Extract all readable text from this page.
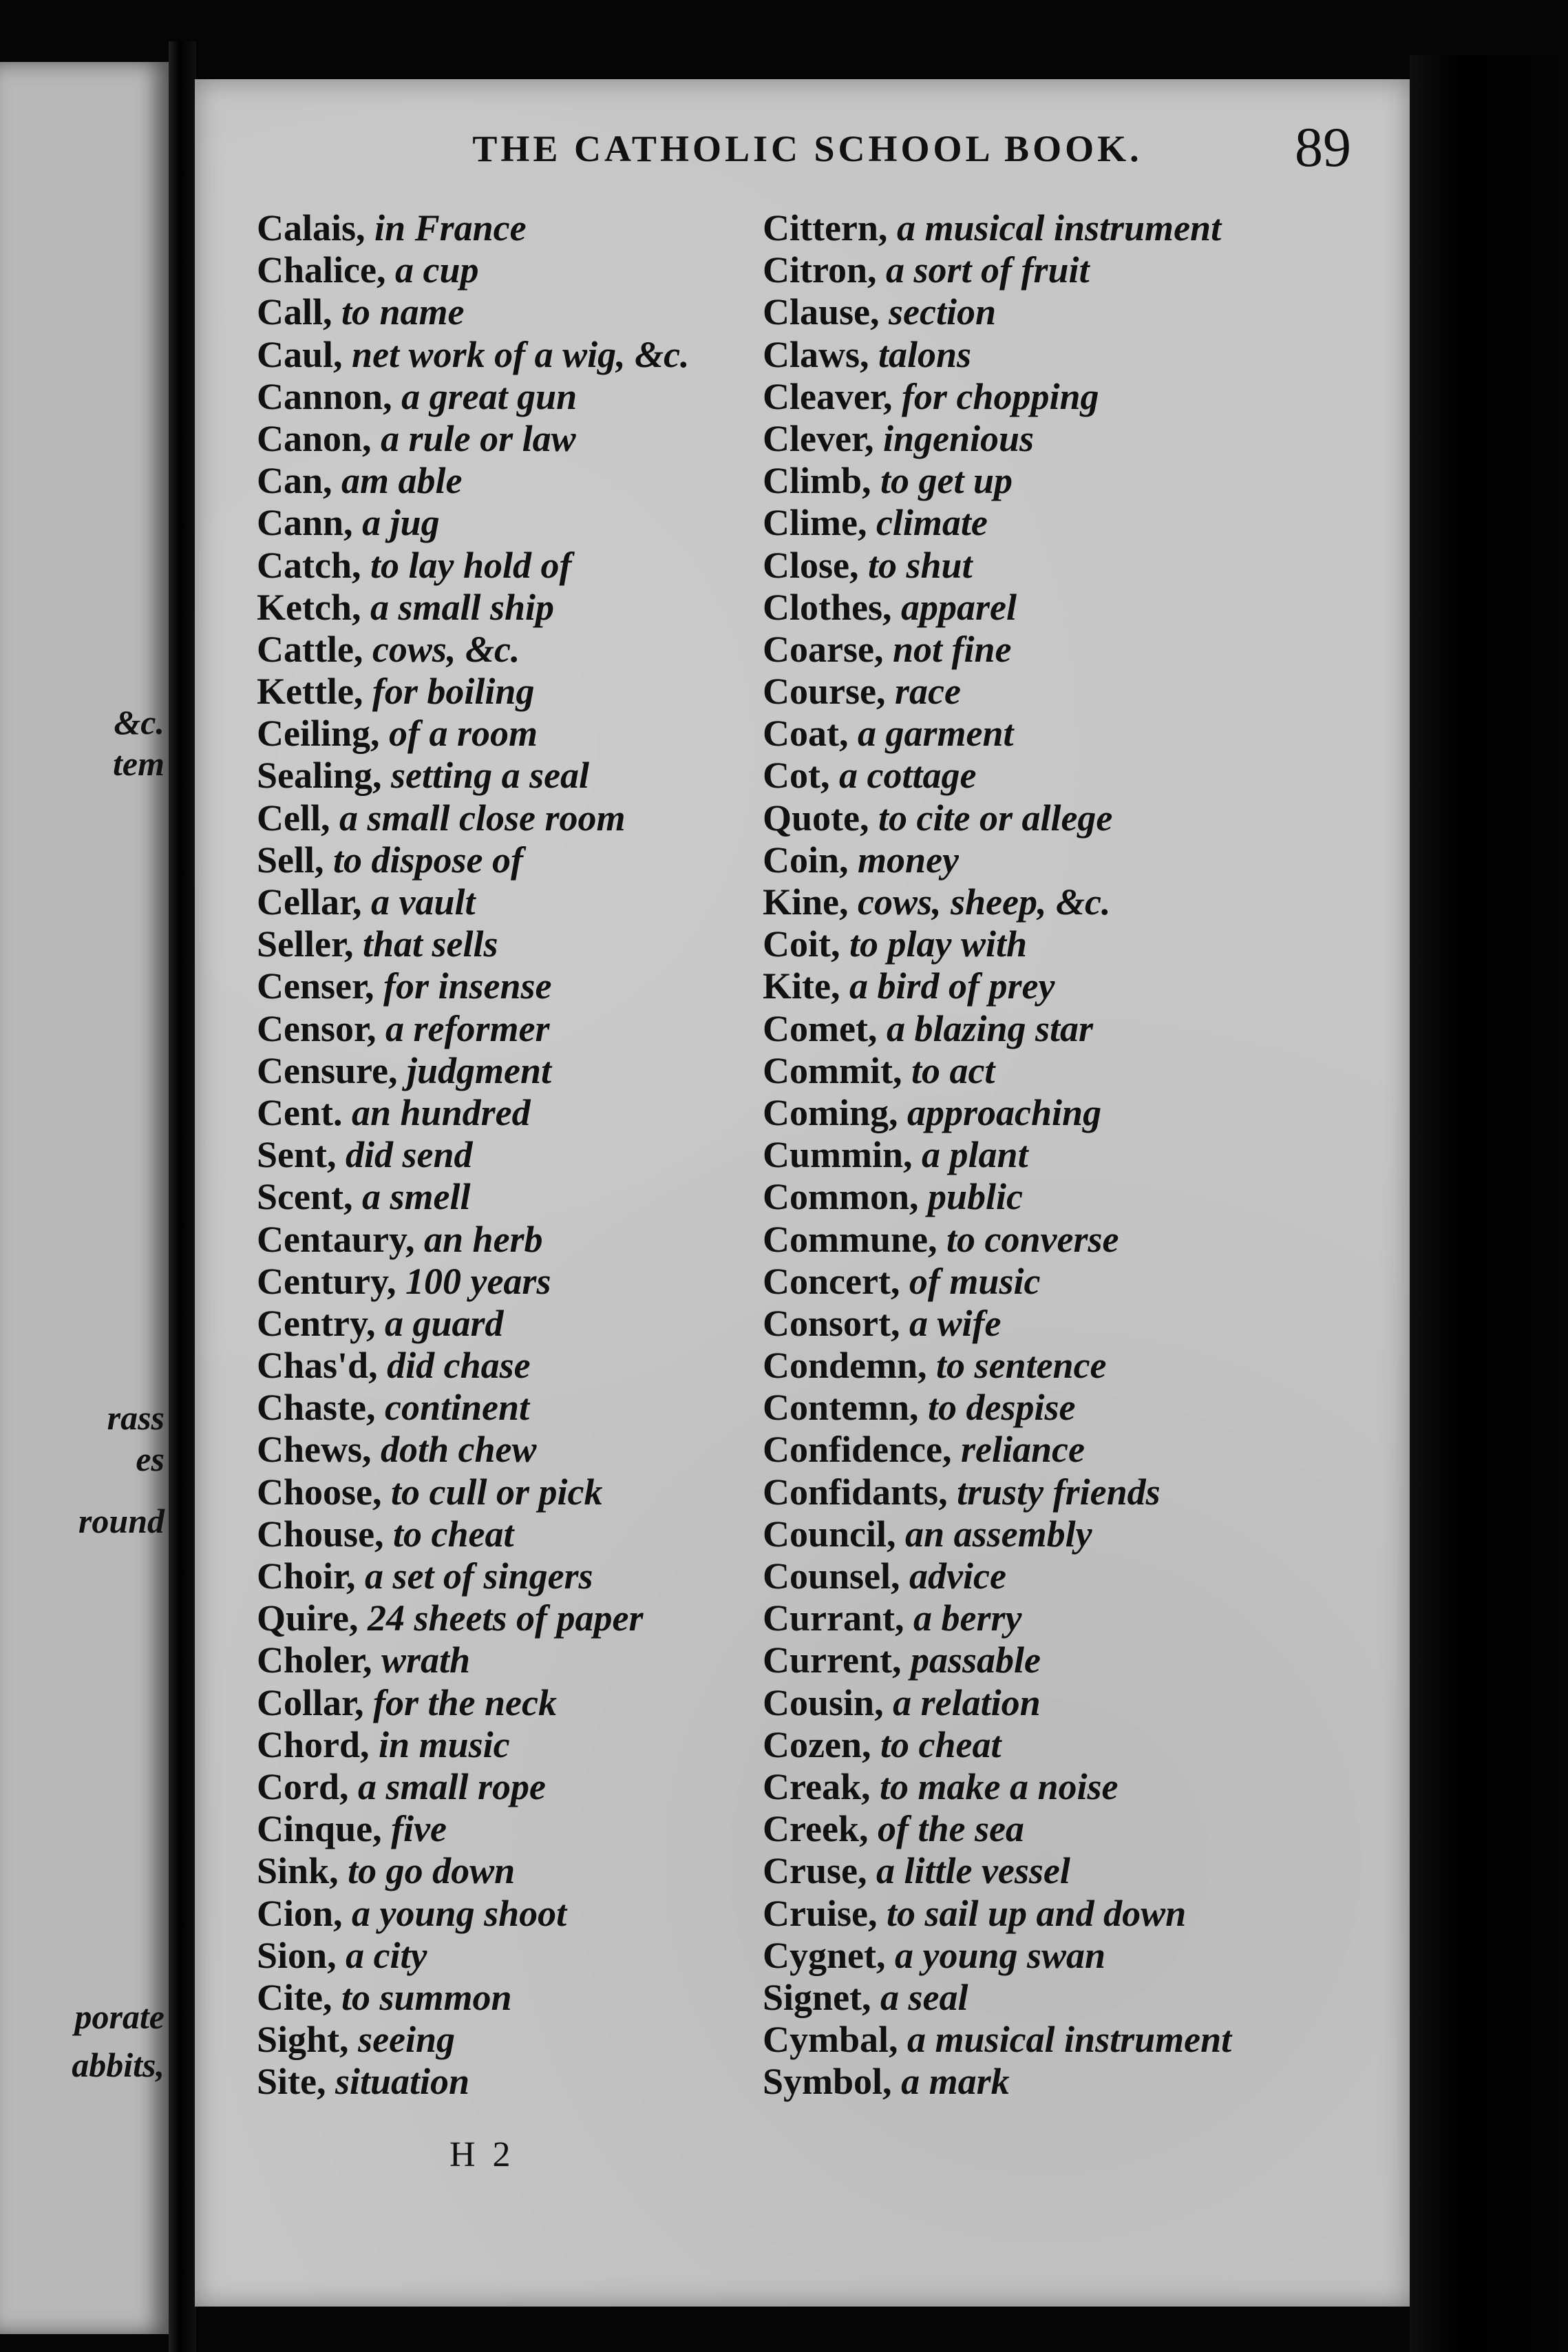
&c.
tem
rass
es
round
porate
abbits,
THE CATHOLIC SCHOOL BOOK.	89
Calais, in France
Chalice, a cup
Call, to name
Caul, net work of a wig, &c.
Cannon, a great gun
Canon, a rule or law
Can, am able
Cann, a jug
Catch, to lay hold of
Ketch, a small ship
Cattle, cows, &c.
Kettle, for boiling
Ceiling, of a room
Sealing, setting a seal
Cell, a small close room
Sell, to dispose of
Cellar, a vault
Seller, that sells
Censer, for insense
Censor, a reformer
Censure, judgment
Cent. an hundred
Sent, did send
Scent, a smell
Centaury, an herb
Century, 100 years
Centry, a guard
Chas'd, did chase
Chaste, continent
Chews, doth chew
Choose, to cull or pick
Chouse, to cheat
Choir, a set of singers
Quire, 24 sheets of paper
Choler, wrath
Collar, for the neck
Chord, in music
Cord, a small rope
Cinque, five
Sink, to go down
Cion, a young shoot
Sion, a city
Cite, to summon
Sight, seeing
Site, situation
Cittern, a musical instrument
Citron, a sort of fruit
Clause, section
Claws, talons
Cleaver, for chopping
Clever, ingenious
Climb, to get up
Clime, climate
Close, to shut
Clothes, apparel
Coarse, not fine
Course, race
Coat, a garment
Cot, a cottage
Quote, to cite or allege
Coin, money
Kine, cows, sheep, &c.
Coit, to play with
Kite, a bird of prey
Comet, a blazing star
Commit, to act
Coming, approaching
Cummin, a plant
Common, public
Commune, to converse
Concert, of music
Consort, a wife
Condemn, to sentence
Contemn, to despise
Confidence, reliance
Confidants, trusty friends
Council, an assembly
Counsel, advice
Currant, a berry
Current, passable
Cousin, a relation
Cozen, to cheat
Creak, to make a noise
Creek, of the sea
Cruse, a little vessel
Cruise, to sail up and down
Cygnet, a young swan
Signet, a seal
Cymbal, a musical instrument
Symbol, a mark
H 2
